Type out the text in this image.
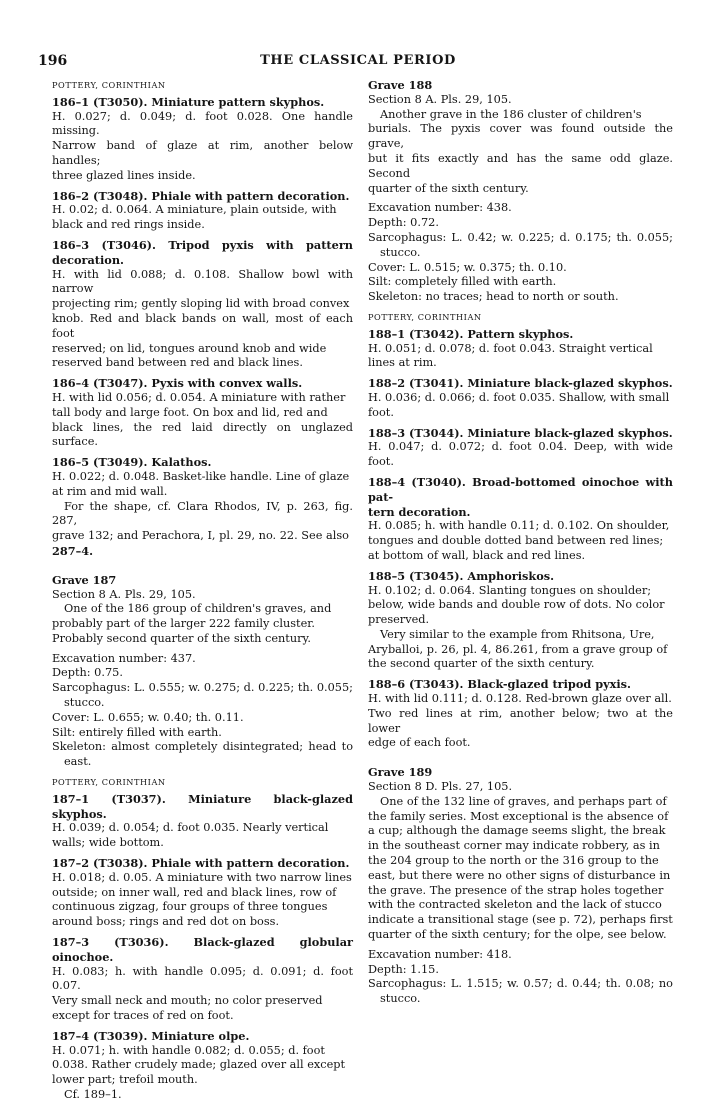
196	THE CLASSICAL PERIOD

POTTERY, CORINTHIAN

186–1 (T3050). Miniature pattern skyphos.

H. 0.027; d. 0.049; d. foot 0.028. One handle missing.

Narrow band of glaze at rim, another below handles;

three glazed lines inside.

186–2 (T3048). Phiale with pattern decoration.

H. 0.02; d. 0.064. A miniature, plain outside, with

black and red rings inside.

186–3 (T3046). Tripod pyxis with pattern decoration.

H. with lid 0.088; d. 0.108. Shallow bowl with narrow

projecting rim; gently sloping lid with broad convex

knob. Red and black bands on wall, most of each foot

reserved; on lid, tongues around knob and wide

reserved band between red and black lines.

186–4 (T3047). Pyxis with convex walls.

H. with lid 0.056; d. 0.054. A miniature with rather

tall body and large foot. On box and lid, red and

black lines, the red laid directly on unglazed surface.

186–5 (T3049). Kalathos.

H. 0.022; d. 0.048. Basket-like handle. Line of glaze

at rim and mid wall.

For the shape, cf. Clara Rhodos, IV, p. 263, fig. 287,

grave 132; and Perachora, I, pl. 29, no. 22. See also

287–4.

Grave 187

Section 8 A. Pls. 29, 105.

One of the 186 group of children's graves, and

probably part of the larger 222 family cluster.

Probably second quarter of the sixth century.

Excavation number: 437.

Depth: 0.75.

Sarcophagus: L. 0.555; w. 0.275; d. 0.225; th. 0.055; stucco.

Cover: L. 0.655; w. 0.40; th. 0.11.

Silt: entirely filled with earth.

Skeleton: almost completely disintegrated; head to east.

POTTERY, CORINTHIAN

187–1 (T3037). Miniature black-glazed skyphos.

H. 0.039; d. 0.054; d. foot 0.035. Nearly vertical

walls; wide bottom.

187–2 (T3038). Phiale with pattern decoration.

H. 0.018; d. 0.05. A miniature with two narrow lines

outside; on inner wall, red and black lines, row of

continuous zigzag, four groups of three tongues

around boss; rings and red dot on boss.

187–3 (T3036). Black-glazed globular oinochoe.

H. 0.083; h. with handle 0.095; d. 0.091; d. foot 0.07.

Very small neck and mouth; no color preserved

except for traces of red on foot.

187–4 (T3039). Miniature olpe.

H. 0.071; h. with handle 0.082; d. 0.055; d. foot

0.038. Rather crudely made; glazed over all except

lower part; trefoil mouth.

Cf. 189–1.

Grave 188

Section 8 A. Pls. 29, 105.

Another grave in the 186 cluster of children's

burials. The pyxis cover was found outside the grave,

but it fits exactly and has the same odd glaze. Second

quarter of the sixth century.

Excavation number: 438.

Depth: 0.72.

Sarcophagus: L. 0.42; w. 0.225; d. 0.175; th. 0.055; stucco.

Cover: L. 0.515; w. 0.375; th. 0.10.

Silt: completely filled with earth.

Skeleton: no traces; head to north or south.

POTTERY, CORINTHIAN

188–1 (T3042). Pattern skyphos.

H. 0.051; d. 0.078; d. foot 0.043. Straight vertical

lines at rim.

188–2 (T3041). Miniature black-glazed skyphos.

H. 0.036; d. 0.066; d. foot 0.035. Shallow, with small

foot.

188–3 (T3044). Miniature black-glazed skyphos.

H. 0.047; d. 0.072; d. foot 0.04. Deep, with wide foot.

188–4 (T3040). Broad-bottomed oinochoe with pat-

tern decoration.

H. 0.085; h. with handle 0.11; d. 0.102. On shoulder,

tongues and double dotted band between red lines;

at bottom of wall, black and red lines.

188–5 (T3045). Amphoriskos.

H. 0.102; d. 0.064. Slanting tongues on shoulder;

below, wide bands and double row of dots. No color

preserved.

Very similar to the example from Rhitsona, Ure,

Aryballoi, p. 26, pl. 4, 86.261, from a grave group of

the second quarter of the sixth century.

188–6 (T3043). Black-glazed tripod pyxis.

H. with lid 0.111; d. 0.128. Red-brown glaze over all.

Two red lines at rim, another below; two at the lower

edge of each foot.

Grave 189

Section 8 D. Pls. 27, 105.

One of the 132 line of graves, and perhaps part of

the family series. Most exceptional is the absence of

a cup; although the damage seems slight, the break

in the southeast corner may indicate robbery, as in

the 204 group to the north or the 316 group to the

east, but there were no other signs of disturbance in

the grave. The presence of the strap holes together

with the contracted skeleton and the lack of stucco

indicate a transitional stage (see p. 72), perhaps first

quarter of the sixth century; for the olpe, see below.

Excavation number: 418.

Depth: 1.15.

Sarcophagus: L. 1.515; w. 0.57; d. 0.44; th. 0.08; no stucco.
